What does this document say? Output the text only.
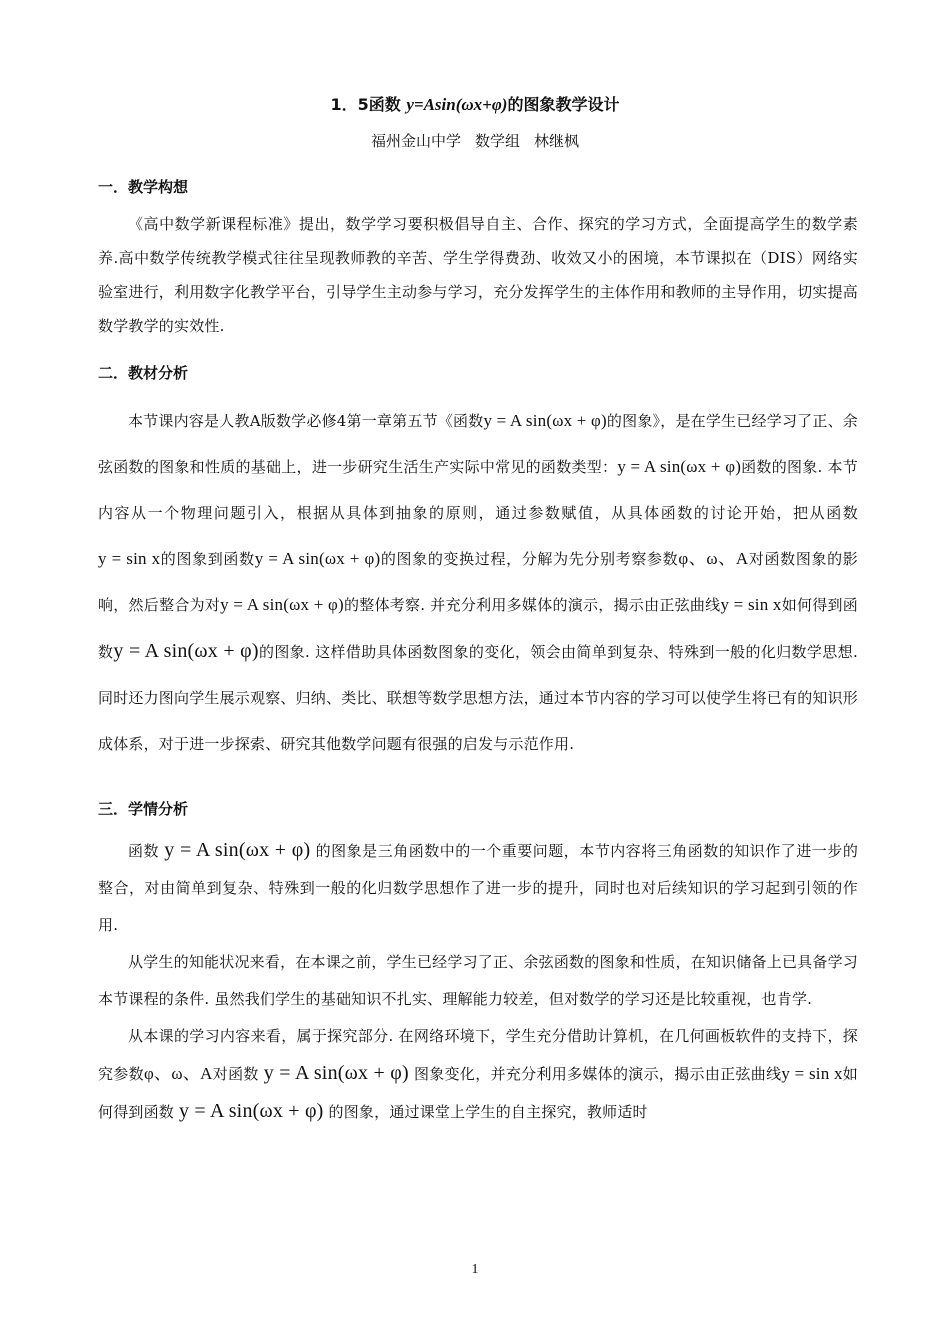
1．5函数 y=Asin(ωx+φ)的图象教学设计
福州金山中学 数学组 林继枫
一．教学构想

《高中数学新课程标准》提出，数学学习要积极倡导自主、合作、探究的学习方式，全面提高学生的数学素养.高中数学传统教学模式往往呈现教师教的辛苦、学生学得费劲、收效又小的困境，本节课拟在（DIS）网络实验室进行，利用数字化教学平台，引导学生主动参与学习，充分发挥学生的主体作用和教师的主导作用，切实提高数学教学的实效性.

二．教材分析

本节课内容是人教A版数学必修4第一章第五节《函数y = A sin(ωx + φ)的图象》，是在学生已经学习了正、余弦函数的图象和性质的基础上，进一步研究生活生产实际中常见的函数类型：y = A sin(ωx + φ)函数的图象. 本节内容从一个物理问题引入，根据从具体到抽象的原则，通过参数赋值，从具体函数的讨论开始，把从函数y = sin x的图象到函数y = A sin(ωx + φ)的图象的变换过程，分解为先分别考察参数φ、ω、A对函数图象的影响，然后整合为对y = A sin(ωx + φ)的整体考察. 并充分利用多媒体的演示，揭示由正弦曲线y = sin x如何得到函数y = A sin(ωx + φ)的图象. 这样借助具体函数图象的变化，领会由简单到复杂、特殊到一般的化归数学思想. 同时还力图向学生展示观察、归纳、类比、联想等数学思想方法，通过本节内容的学习可以使学生将已有的知识形成体系，对于进一步探索、研究其他数学问题有很强的启发与示范作用.

三．学情分析

函数 y = A sin(ωx + φ) 的图象是三角函数中的一个重要问题，本节内容将三角函数的知识作了进一步的整合，对由简单到复杂、特殊到一般的化归数学思想作了进一步的提升，同时也对后续知识的学习起到引领的作用.

从学生的知能状况来看，在本课之前，学生已经学习了正、余弦函数的图象和性质，在知识储备上已具备学习本节课程的条件. 虽然我们学生的基础知识不扎实、理解能力较差，但对数学的学习还是比较重视，也肯学.

从本课的学习内容来看，属于探究部分. 在网络环境下，学生充分借助计算机，在几何画板软件的支持下，探究参数φ、ω、A对函数 y = A sin(ωx + φ) 图象变化，并充分利用多媒体的演示，揭示由正弦曲线y = sin x如何得到函数 y = A sin(ωx + φ) 的图象，通过课堂上学生的自主探究，教师适时

1
